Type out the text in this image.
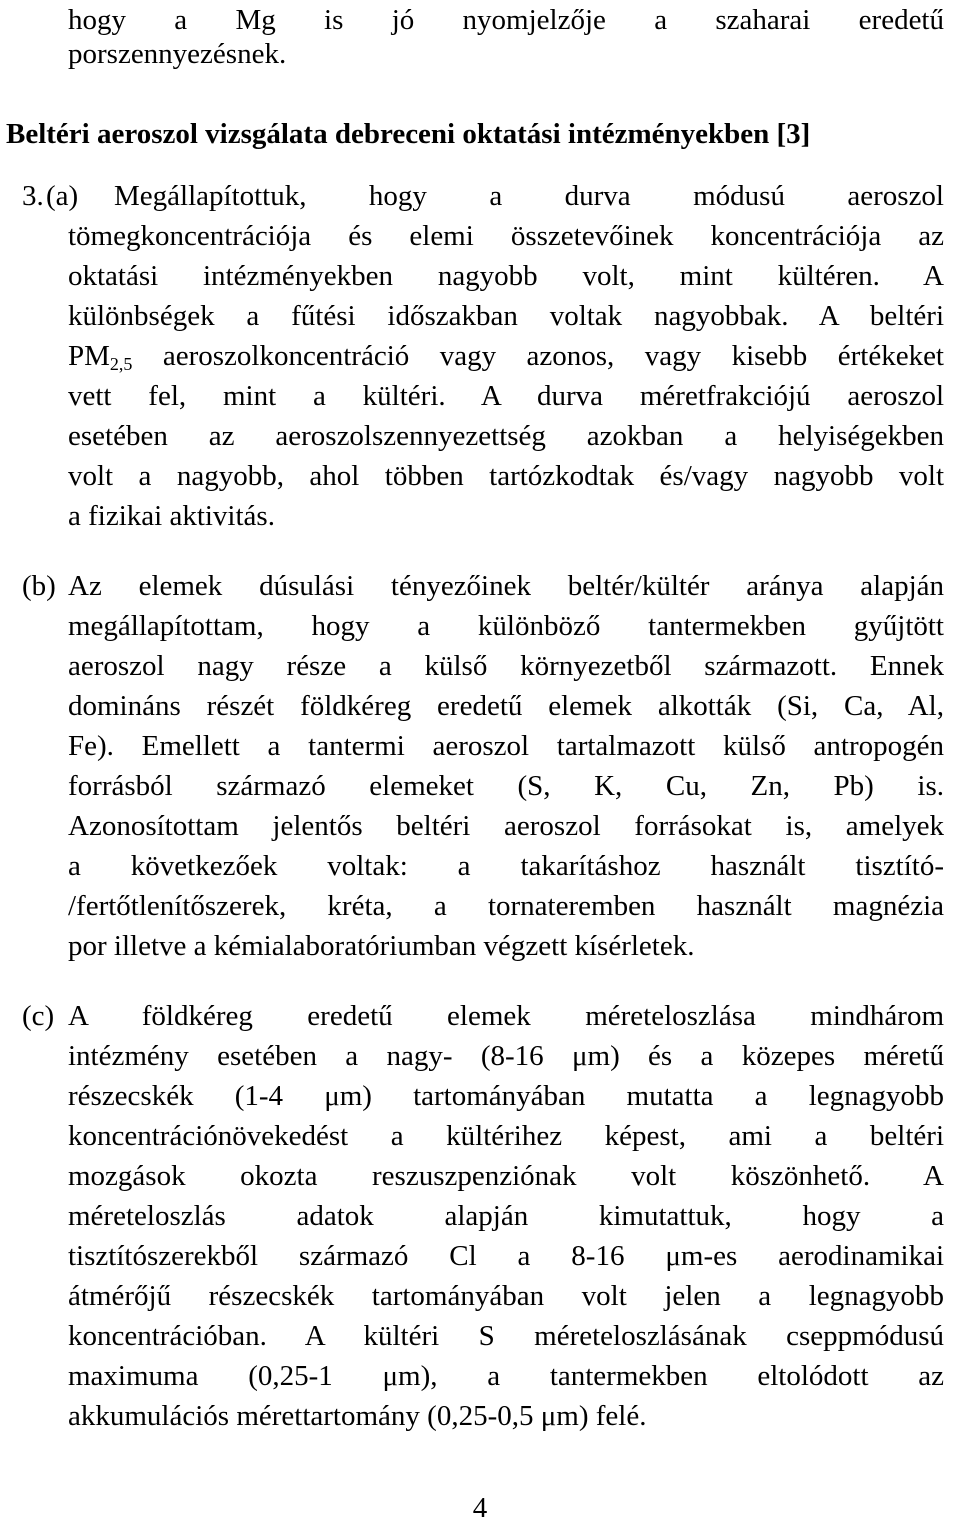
hogy a Mg is jó nyomjelzője a szaharai eredetű
porszennyezésnek.
Beltéri aeroszol vizsgálata debreceni oktatási intézményekben [3]
3. (a) Megállapítottuk, hogy a durva módusú aeroszol
tömegkoncentrációja és elemi összetevőinek koncentrációja az
oktatási intézményekben nagyobb volt, mint kültéren. A
különbségek a fűtési időszakban voltak nagyobbak. A beltéri
$PM_{2,5}$ aeroszolkoncentráció vagy azonos, vagy kisebb értékeket
vett fel, mint a kültéri. A durva méretfrakciójú aeroszol
esetében az aeroszolszennyezettség azokban a helyiségekben
volt a nagyobb, ahol többen tartózkodtak és/vagy nagyobb volt
a fizikai aktivitás.
(b) Az elemek dúsulási tényezőinek beltér/kültér aránya alapján
megállapítottam, hogy a különböző tantermekben gyűjtött
aeroszol nagy része a külső környezetből származott. Ennek
domináns részét földkéreg eredetű elemek alkották (Si, Ca, Al,
Fe). Emellett a tantermi aeroszol tartalmazott külső antropogén
forrásból származó elemeket (S, K, Cu, Zn, Pb) is.
Azonosítottam jelentős beltéri aeroszol forrásokat is, amelyek
a következőek voltak: a takarításhoz használt tisztító-
/fertőtlenítőszerek, kréta, a tornateremben használt magnézia
por illetve a kémialaboratóriumban végzett kísérletek.
(c) A földkéreg eredetű elemek méreteloszlása mindhárom
intézmény esetében a nagy- (8-16 μm) és a közepes méretű
részecskék (1-4 μm) tartományában mutatta a legnagyobb
koncentrációnövekedést a kültérihez képest, ami a beltéri
mozgások okozta reszuszpenziónak volt köszönhető. A
méreteloszlás adatok alapján kimutattuk, hogy a
tisztítószerekből származó Cl a 8-16 μm-es aerodinamikai
átmérőjű részecskék tartományában volt jelen a legnagyobb
koncentrációban. A kültéri S méreteloszlásának cseppmódusú
maximuma (0,25-1 μm), a tantermekben eltolódott az
akkumulációs mérettartomány (0,25-0,5 μm) felé.
4
